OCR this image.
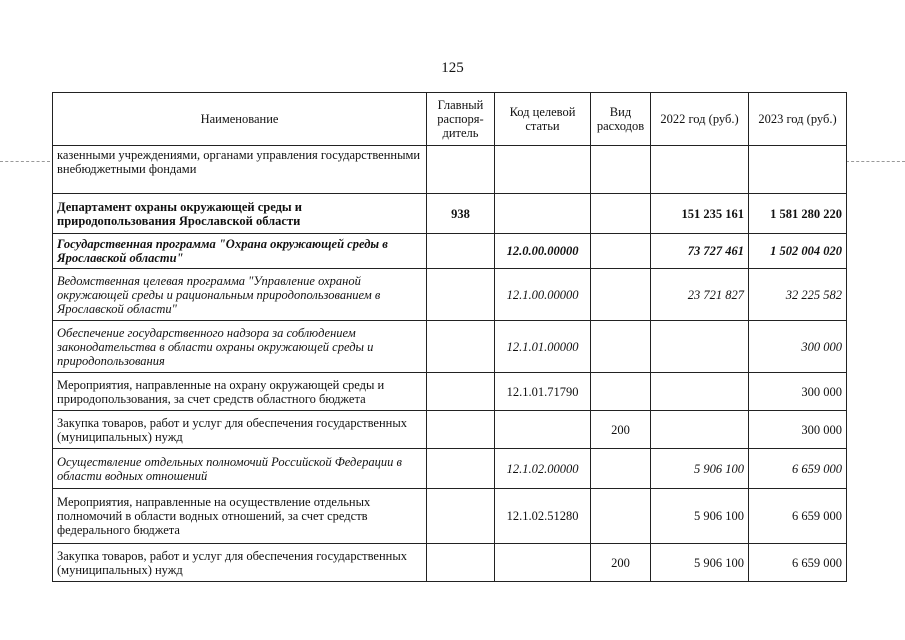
125
Наименование	Главный распоря-дитель	Код целевой статьи	Вид расходов	2022 год (руб.)	2023 год (руб.)
казенными учреждениями, органами управления государственными внебюджетными фондами					
Департамент охраны окружающей среды и природопользования Ярославской области	938			151 235 161	1 581 280 220
Государственная программа "Охрана окружающей среды в Ярославской области"		12.0.00.00000		73 727 461	1 502 004 020
Ведомственная целевая программа "Управление охраной окружающей среды и рациональным природопользованием в Ярославской области"		12.1.00.00000		23 721 827	32 225 582
Обеспечение государственного надзора за соблюдением законодательства в области охраны окружающей среды и природопользования		12.1.01.00000			300 000
Мероприятия, направленные на охрану окружающей среды и природопользования, за счет средств областного бюджета		12.1.01.71790			300 000
Закупка товаров, работ и услуг для обеспечения государственных (муниципальных) нужд			200		300 000
Осуществление отдельных полномочий Российской Федерации в области водных отношений		12.1.02.00000		5 906 100	6 659 000
Мероприятия, направленные на осуществление отдельных полномочий в области водных отношений, за счет средств федерального бюджета		12.1.02.51280		5 906 100	6 659 000
Закупка товаров, работ и услуг для обеспечения государственных (муниципальных) нужд			200	5 906 100	6 659 000
